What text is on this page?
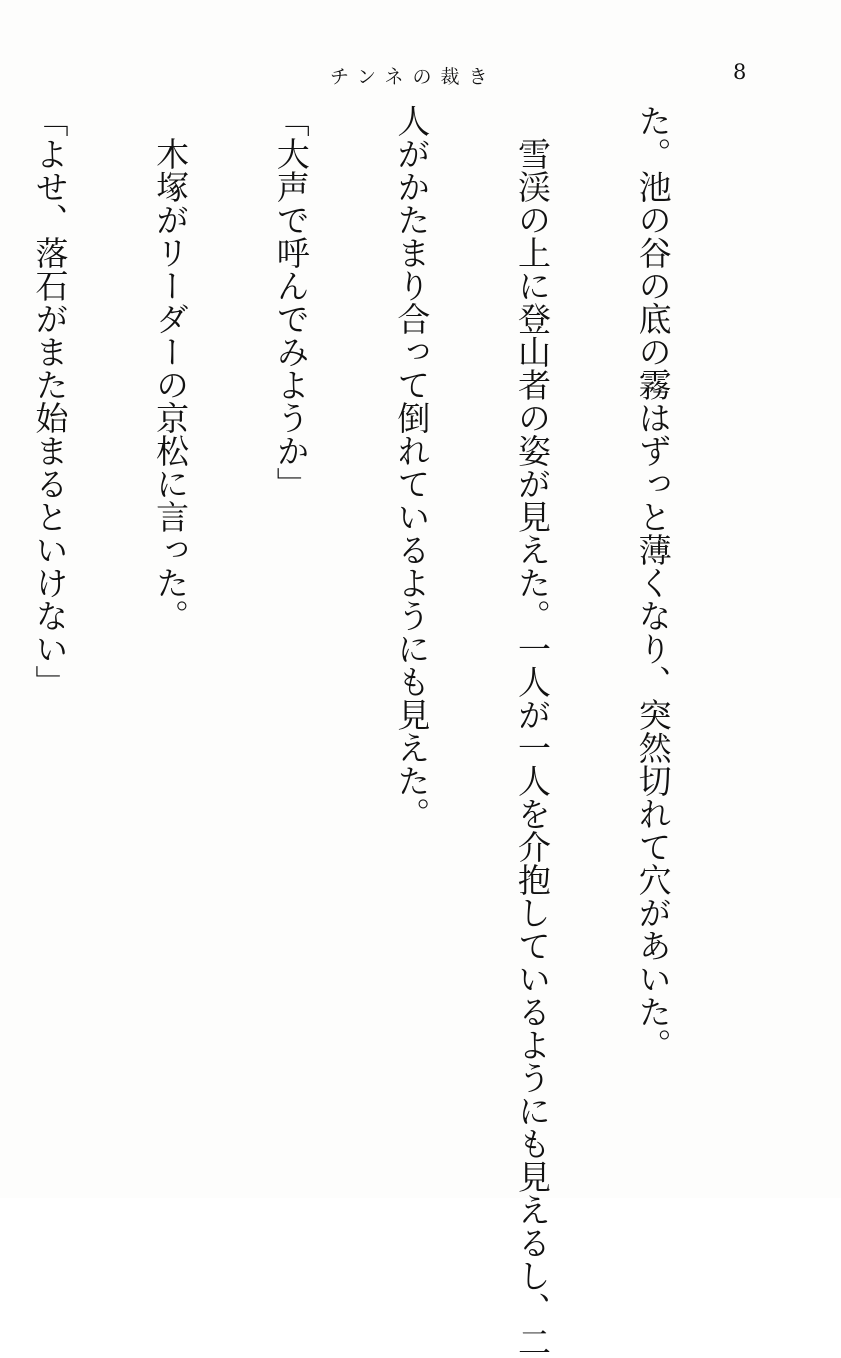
チンネの裁き	8

た。池の谷の底の霧はずっと薄くなり、突然切れて穴があいた。

　雪渓の上に登山者の姿が見えた。一人が一人を介抱しているようにも見えるし、二

人がかたまり合って倒れているようにも見えた。

「大声で呼んでみようか」

　木塚がリーダーの京松に言った。

「よせ、落石がまた始まるといけない」
